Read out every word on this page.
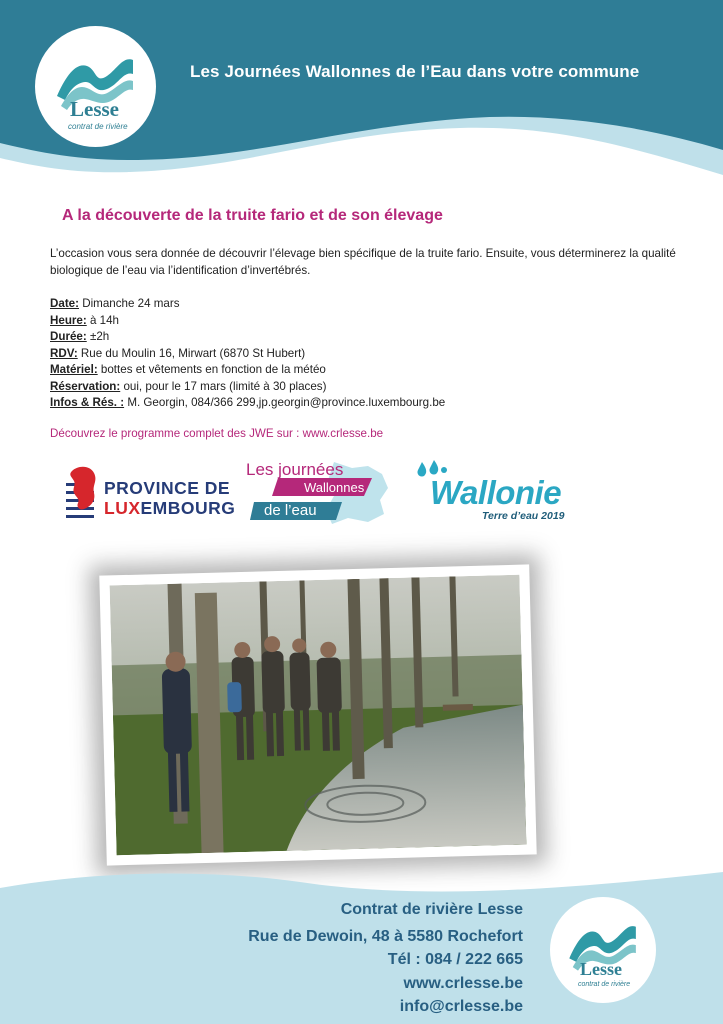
Les Journées Wallonnes de l’Eau dans votre commune
Lesse
contrat de rivière
A la découverte de la truite fario et de son élevage
L’occasion vous sera donnée de découvrir l’élevage bien spécifique de la truite fario. Ensuite, vous déterminerez la qualité biologique de l’eau via l’identification d’invertébrés.
Date: Dimanche 24 mars
Heure: à 14h
Durée: ±2h
RDV: Rue du Moulin 16, Mirwart (6870 St Hubert)
Matériel: bottes et vêtements en fonction de la météo
Réservation: oui, pour le 17 mars (limité à 30 places)
Infos & Rés. : M. Georgin, 084/366 299,jp.georgin@province.luxembourg.be
Découvrez le programme complet des JWE sur : www.crlesse.be
PROVINCE DE
LUXEMBOURG
Les journées
Wallonnes
de l’eau	Wallonie
Terre d’eau 2019
Contrat de rivière Lesse
Rue de Dewoin, 48 à 5580 Rochefort
Tél : 084 / 222 665
www.crlesse.be
info@crlesse.be
Lesse
contrat de rivière
